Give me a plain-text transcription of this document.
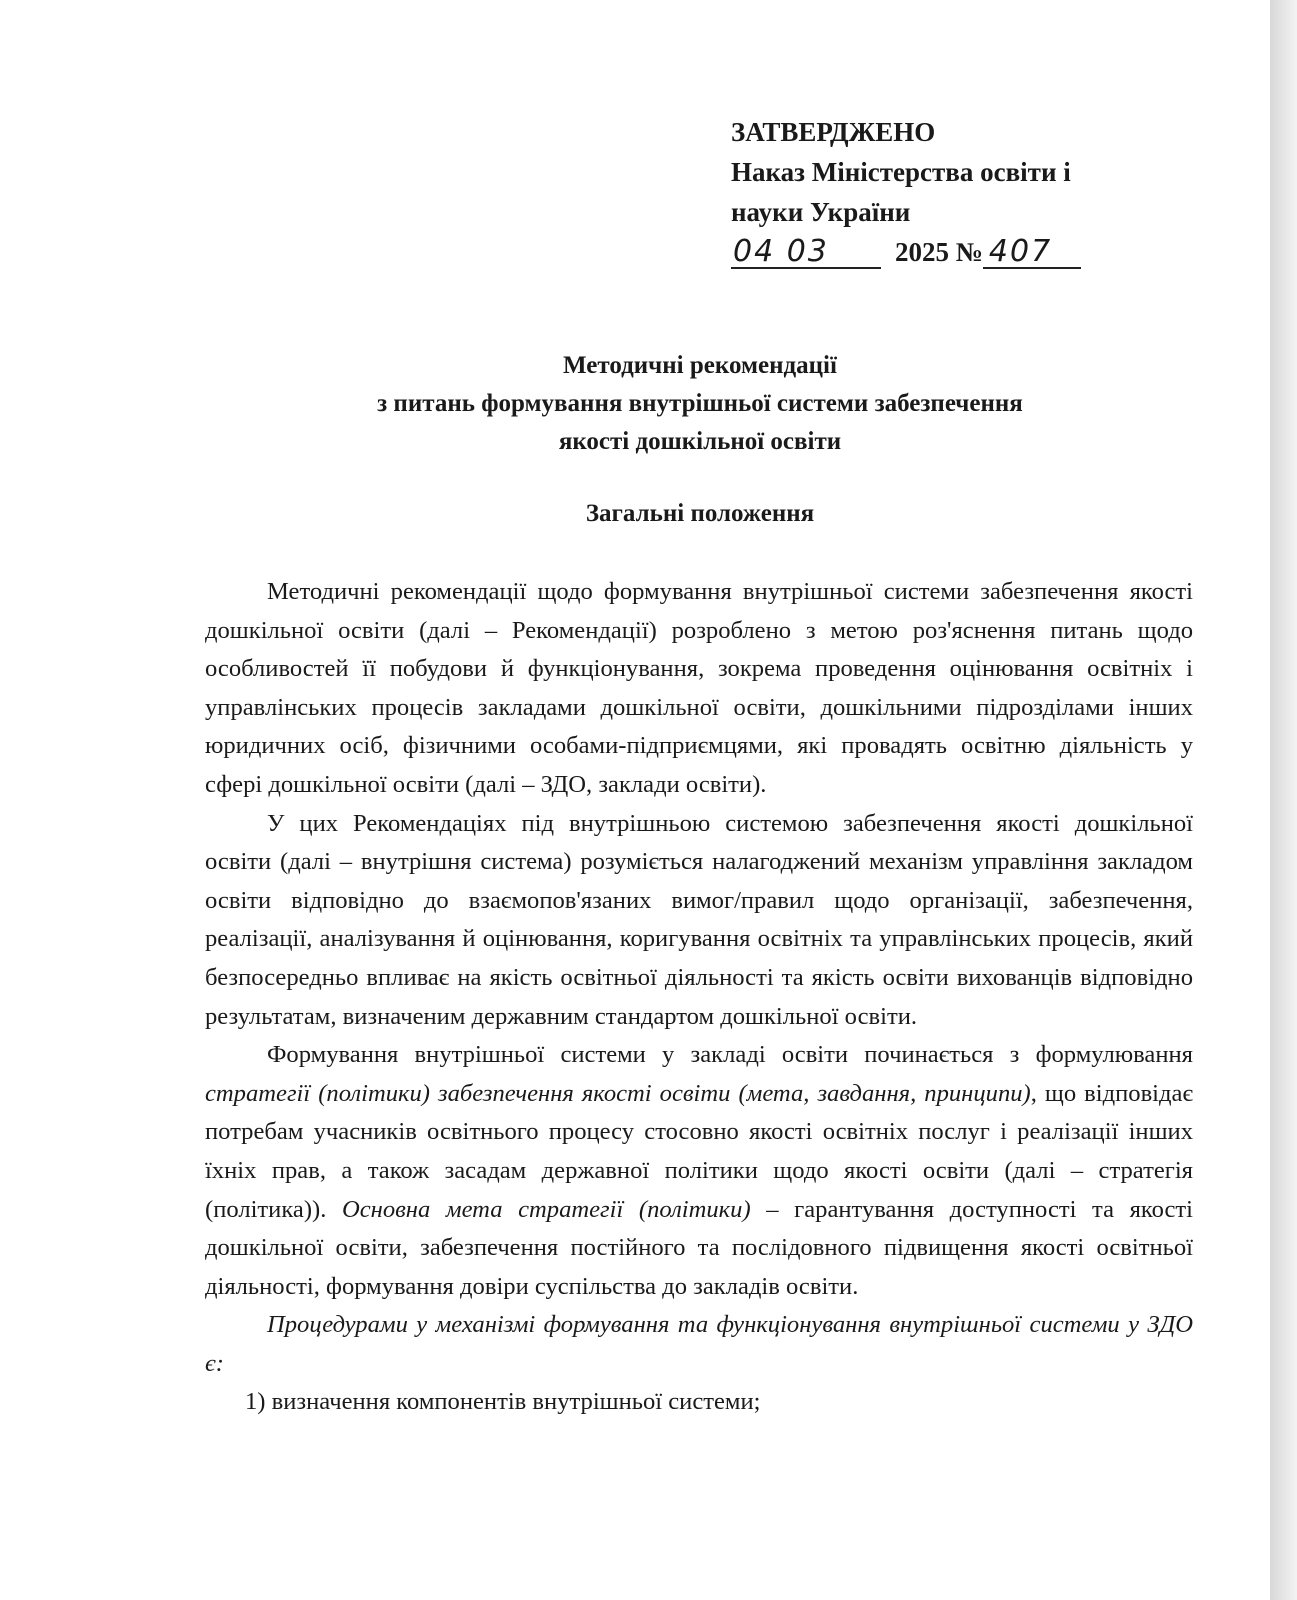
ЗАТВЕРДЖЕНО
Наказ Міністерства освіти і
науки України
04 03 2025 № 407
Методичні рекомендації
з питань формування внутрішньої системи забезпечення
якості дошкільної освіти
Загальні положення

Методичні рекомендації щодо формування внутрішньої системи забезпечення якості дошкільної освіти (далі – Рекомендації) розроблено з метою роз'яснення питань щодо особливостей її побудови й функціонування, зокрема проведення оцінювання освітніх і управлінських процесів закладами дошкільної освіти, дошкільними підрозділами інших юридичних осіб, фізичними особами-підприємцями, які провадять освітню діяльність у сфері дошкільної освіти (далі – ЗДО, заклади освіти).

У цих Рекомендаціях під внутрішньою системою забезпечення якості дошкільної освіти (далі – внутрішня система) розуміється налагоджений механізм управління закладом освіти відповідно до взаємопов'язаних вимог/правил щодо організації, забезпечення, реалізації, аналізування й оцінювання, коригування освітніх та управлінських процесів, який безпосередньо впливає на якість освітньої діяльності та якість освіти вихованців відповідно результатам, визначеним державним стандартом дошкільної освіти.

Формування внутрішньої системи у закладі освіти починається з формулювання стратегії (політики) забезпечення якості освіти (мета, завдання, принципи), що відповідає потребам учасників освітнього процесу стосовно якості освітніх послуг і реалізації інших їхніх прав, а також засадам державної політики щодо якості освіти (далі – стратегія (політика)). Основна мета стратегії (політики) – гарантування доступності та якості дошкільної освіти, забезпечення постійного та послідовного підвищення якості освітньої діяльності, формування довіри суспільства до закладів освіти.

Процедурами у механізмі формування та функціонування внутрішньої системи у ЗДО є:

1) визначення компонентів внутрішньої системи;
